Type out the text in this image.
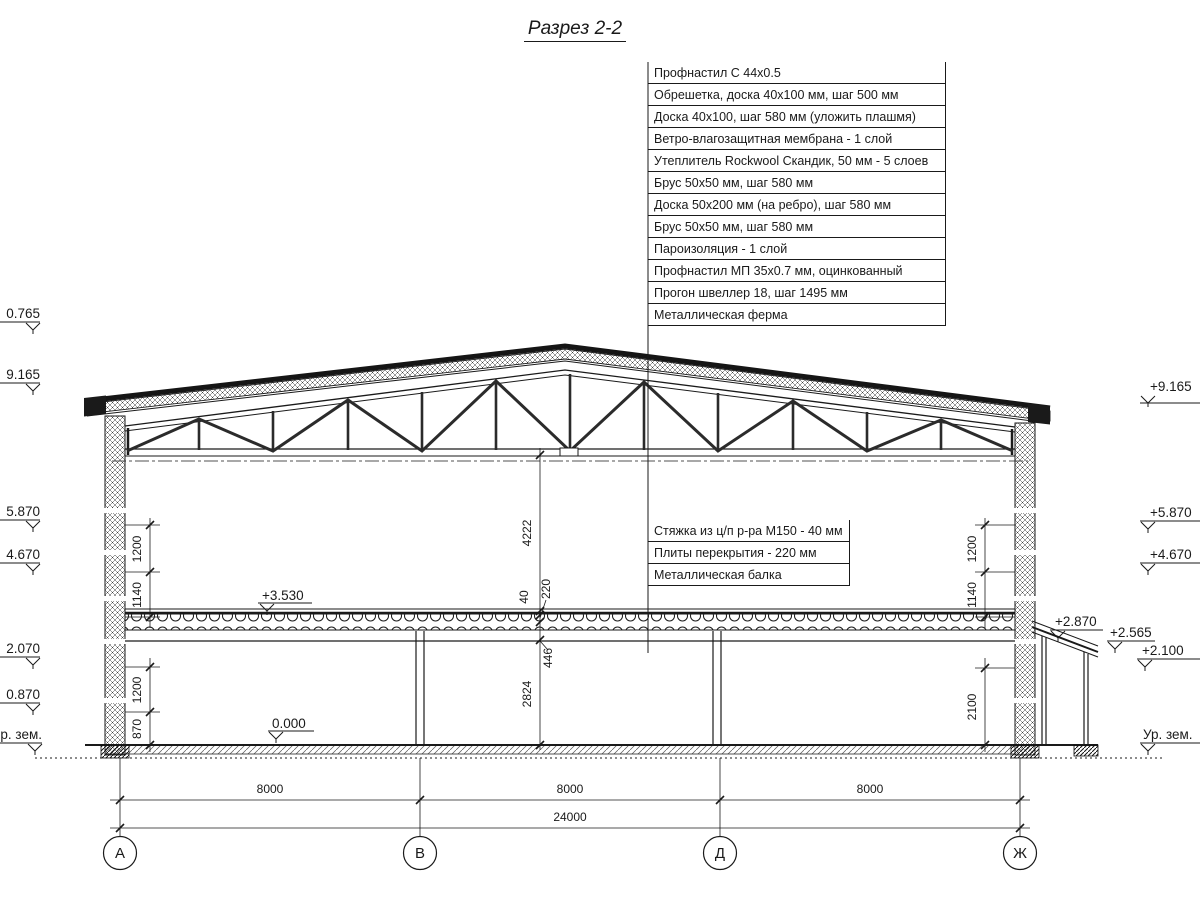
4222
40 220
446
2824
1200
1140
1200
870
1200
1140
2100
8000	8000	8000
24000
А	В	Д	Ж
0.765
9.165
5.870
4.670
2.070
0.870
р. зем.
+9.165
+5.870
+4.670
+2.870
+2.565
+2.100
Ур. зем.
+3.530
0.000
Разрез 2-2
Профнастил С 44х0.5
Обрешетка, доска 40х100 мм, шаг 500 мм
Доска 40х100, шаг 580 мм (уложить плашмя)
Ветро-влагозащитная мембрана - 1 слой
Утеплитель Rockwool Скандик, 50 мм - 5 слоев
Брус 50х50 мм, шаг 580 мм
Доска 50х200 мм (на ребро), шаг 580 мм
Брус 50х50 мм, шаг 580 мм
Пароизоляция - 1 слой
Профнастил МП 35х0.7 мм, оцинкованный
Прогон швеллер 18, шаг 1495 мм
Металлическая ферма
Стяжка из ц/п р-ра М150 - 40 мм
Плиты перекрытия - 220 мм
Металлическая балка
